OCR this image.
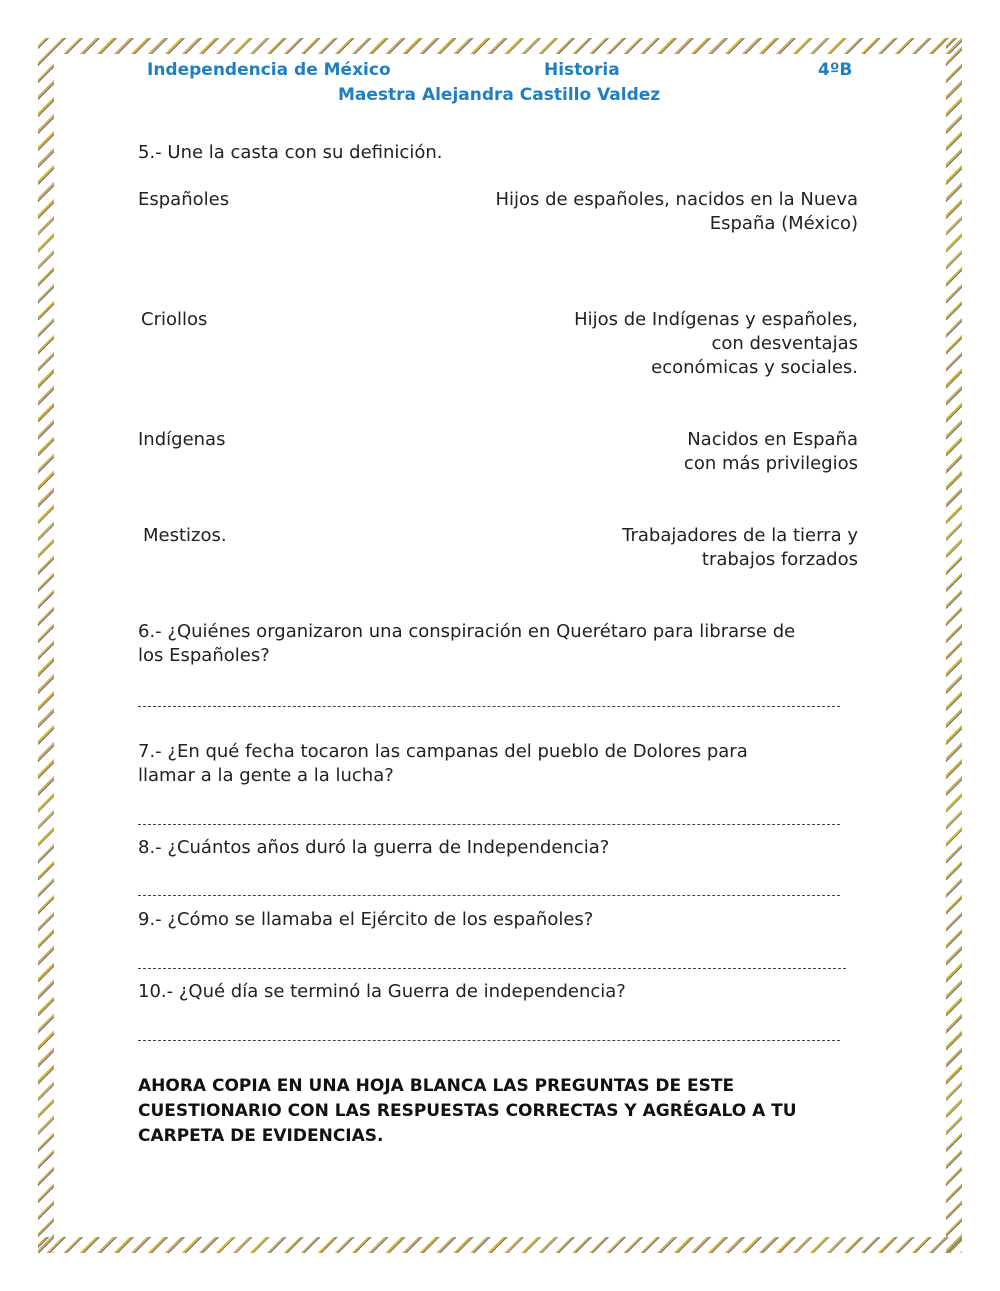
Independencia de México	Historia	4ºB
Maestra Alejandra Castillo Valdez
5.- Une la casta con su definición.
Españoles	Hijos de españoles, nacidos en la Nueva
España (México)
Criollos	Hijos de Indígenas y españoles,
con desventajas
económicas y sociales.
Indígenas	Nacidos en España
con más privilegios
Mestizos.	Trabajadores de la tierra y
trabajos forzados
6.- ¿Quiénes organizaron una conspiración en Querétaro para librarse de
los Españoles?
7.- ¿En qué fecha tocaron las campanas del pueblo de Dolores para
llamar a la gente a la lucha?
8.- ¿Cuántos años duró la guerra de Independencia?
9.- ¿Cómo se llamaba el Ejército de los españoles?
10.- ¿Qué día se terminó la Guerra de independencia?
AHORA COPIA EN UNA HOJA BLANCA LAS PREGUNTAS DE ESTE
CUESTIONARIO CON LAS RESPUESTAS CORRECTAS Y AGRÉGALO A TU
CARPETA DE EVIDENCIAS.
